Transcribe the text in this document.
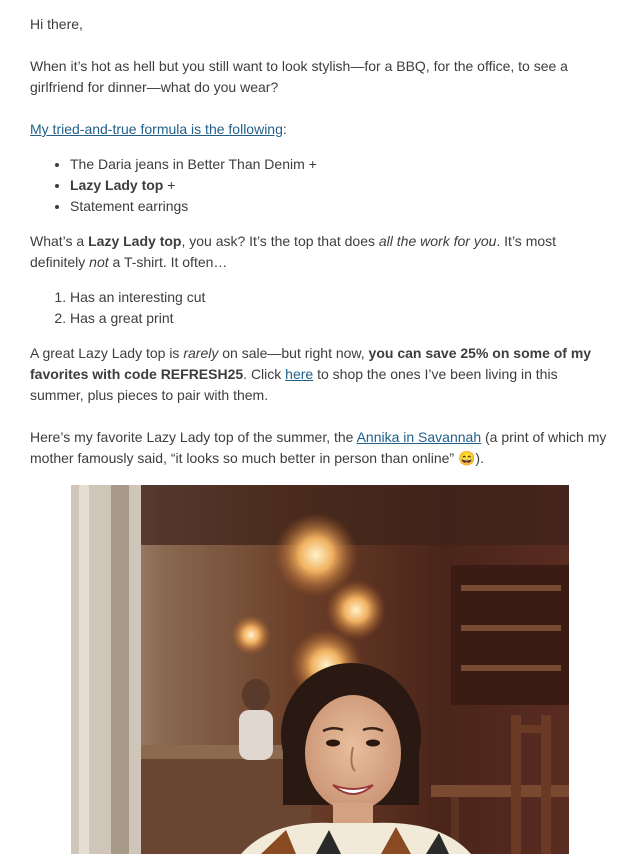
Hi there,

When it’s hot as hell but you still want to look stylish—for a BBQ, for the office, to see a girlfriend for dinner—what do you wear?

My tried-and-true formula is the following:

• The Daria jeans in Better Than Denim +
• Lazy Lady top +
• Statement earrings

What’s a Lazy Lady top, you ask? It’s the top that does all the work for you. It’s most definitely not a T-shirt. It often…

1. Has an interesting cut
2. Has a great print

A great Lazy Lady top is rarely on sale—but right now, you can save 25% on some of my favorites with code REFRESH25. Click here to shop the ones I’ve been living in this summer, plus pieces to pair with them.

Here’s my favorite Lazy Lady top of the summer, the Annika in Savannah (a print of which my mother famously said, “it looks so much better in person than online” 😄).
